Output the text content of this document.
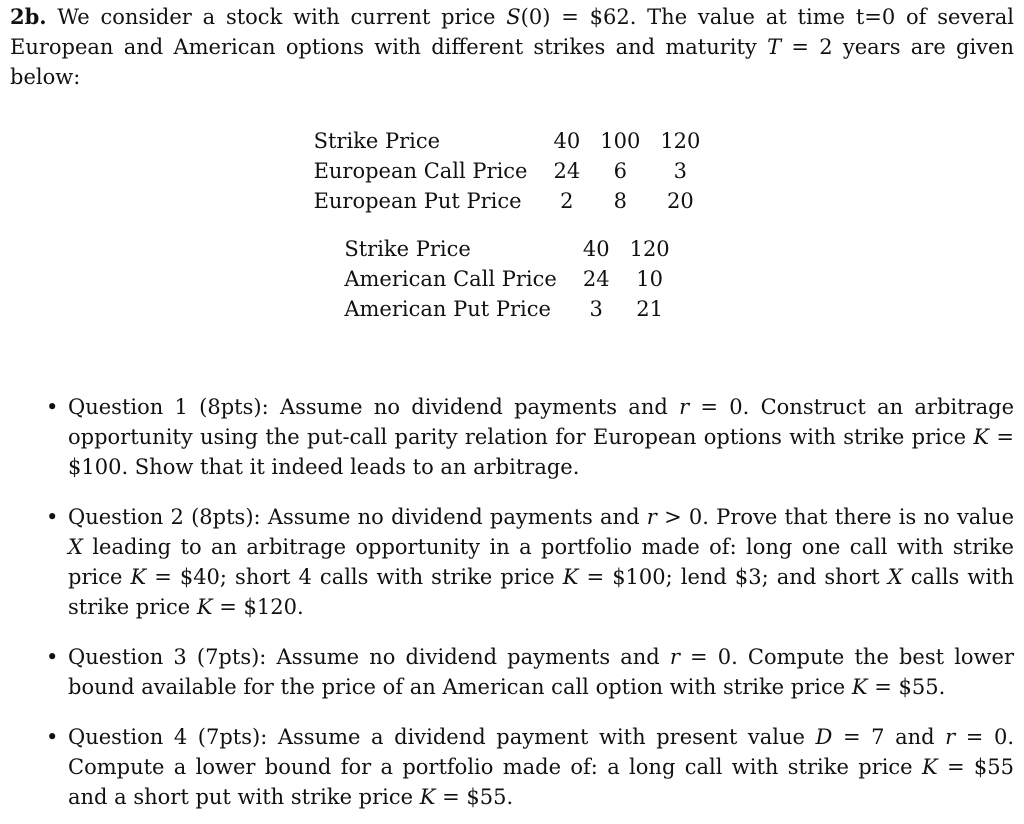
2b. We consider a stock with current price S(0) = $62. The value at time t=0 of several European and American options with different strikes and maturity T = 2 years are given below:

Strike Price	40	100	120
European Call Price	24	6	3
European Put Price	2	8	20
Strike Price	40	120
American Call Price	24	10
American Put Price	3	21
• Question 1 (8pts): Assume no dividend payments and r = 0. Construct an arbitrage opportunity using the put-call parity relation for European options with strike price K = $100. Show that it indeed leads to an arbitrage.
• Question 2 (8pts): Assume no dividend payments and r > 0. Prove that there is no value X leading to an arbitrage opportunity in a portfolio made of: long one call with strike price K = $40; short 4 calls with strike price K = $100; lend $3; and short X calls with strike price K = $120.
• Question 3 (7pts): Assume no dividend payments and r = 0. Compute the best lower bound available for the price of an American call option with strike price K = $55.
• Question 4 (7pts): Assume a dividend payment with present value D = 7 and r = 0. Compute a lower bound for a portfolio made of: a long call with strike price K = $55 and a short put with strike price K = $55.
